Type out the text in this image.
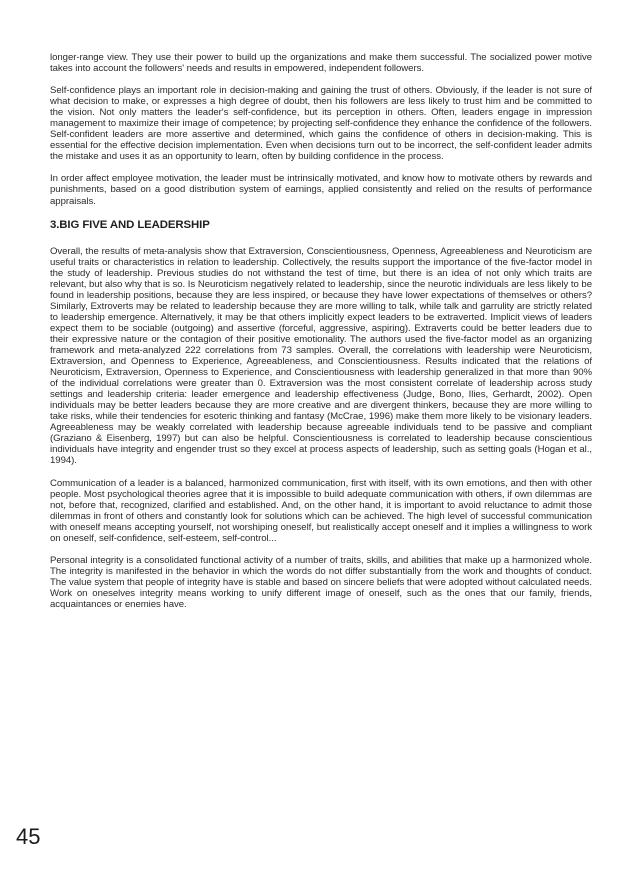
longer-range view. They use their power to build up the organizations and make them successful. The socialized power motive takes into account the followers' needs and results in empowered, independent followers.

Self-confidence plays an important role in decision-making and gaining the trust of others. Obviously, if the leader is not sure of what decision to make, or expresses a high degree of doubt, then his followers are less likely to trust him and be committed to the vision. Not only matters the leader's self-confidence, but its perception in others. Often, leaders engage in impression management to maximize their image of competence; by projecting self-confidence they enhance the confidence of the followers. Self-confident leaders are more assertive and determined, which gains the confidence of others in decision-making. This is essential for the effective decision implementation. Even when decisions turn out to be incorrect, the self-confident leader admits the mistake and uses it as an opportunity to learn, often by building confidence in the process.

In order affect employee motivation, the leader must be intrinsically motivated, and know how to motivate others by rewards and punishments, based on a good distribution system of earnings, applied consistently and relied on the results of performance appraisals.

3.BIG FIVE AND LEADERSHIP

Overall, the results of meta-analysis show that Extraversion, Conscientiousness, Openness, Agreeableness and Neuroticism are useful traits or characteristics in relation to leadership. Collectively, the results support the importance of the five-factor model in the study of leadership. Previous studies do not withstand the test of time, but there is an idea of not only which traits are relevant, but also why that is so. Is Neuroticism negatively related to leadership, since the neurotic individuals are less likely to be found in leadership positions, because they are less inspired, or because they have lower expectations of themselves or others? Similarly, Extroverts may be related to leadership because they are more willing to talk, while talk and garrulity are strictly related to leadership emergence. Alternatively, it may be that others implicitly expect leaders to be extraverted. Implicit views of leaders expect them to be sociable (outgoing) and assertive (forceful, aggressive, aspiring). Extraverts could be better leaders due to their expressive nature or the contagion of their positive emotionality. The authors used the five-factor model as an organizing framework and meta-analyzed 222 correlations from 73 samples. Overall, the correlations with leadership were Neuroticism, Extraversion, and Openness to Experience, Agreeableness, and Conscientiousness. Results indicated that the relations of Neuroticism, Extraversion, Openness to Experience, and Conscientiousness with leadership generalized in that more than 90% of the individual correlations were greater than 0. Extraversion was the most consistent correlate of leadership across study settings and leadership criteria: leader emergence and leadership effectiveness (Judge, Bono, Ilies, Gerhardt, 2002). Open individuals may be better leaders because they are more creative and are divergent thinkers, because they are more willing to take risks, while their tendencies for esoteric thinking and fantasy (McCrae, 1996) make them more likely to be visionary leaders. Agreeableness may be weakly correlated with leadership because agreeable individuals tend to be passive and compliant (Graziano & Eisenberg, 1997) but can also be helpful. Conscientiousness is correlated to leadership because conscientious individuals have integrity and engender trust so they excel at process aspects of leadership, such as setting goals (Hogan et al., 1994).

Communication of a leader is a balanced, harmonized communication, first with itself, with its own emotions, and then with other people. Most psychological theories agree that it is impossible to build adequate communication with others, if own dilemmas are not, before that, recognized, clarified and established. And, on the other hand, it is important to avoid reluctance to admit those dilemmas in front of others and constantly look for solutions which can be achieved. The high level of successful communication with oneself means accepting yourself, not worshiping oneself, but realistically accept oneself and it implies a willingness to work on oneself, self-confidence, self-esteem, self-control...

Personal integrity is a consolidated functional activity of a number of traits, skills, and abilities that make up a harmonized whole. The integrity is manifested in the behavior in which the words do not differ substantially from the work and thoughts of conduct. The value system that people of integrity have is stable and based on sincere beliefs that were adopted without calculated needs. Work on oneselves integrity means working to unify different image of oneself, such as the ones that our family, friends, acquaintances or enemies have.

45
